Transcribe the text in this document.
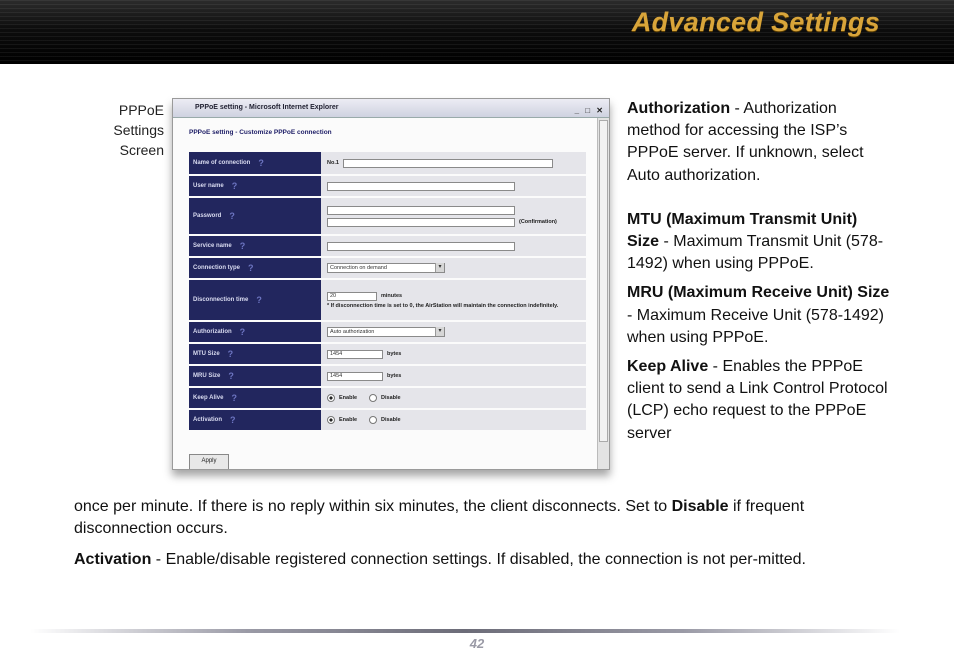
Advanced Settings
PPPoE
Settings
Screen
PPPoE setting - Microsoft Internet Explorer	_ □ ✕
PPPoE setting - Customize PPPoE connection
Name of connection ?	No.1
User name ?
Password ?
(Confirmation)
Service name ?
Connection type ?	Connection on demand ▾
Disconnection time ?	20	minutes
* If disconnection time is set to 0, the AirStation will maintain the connection indefinitely.
Authorization ?	Auto authorization ▾
MTU Size ?	1454	bytes
MRU Size ?	1454	bytes
Keep Alive ?	Enable	Disable
Activation ?	Enable	Disable
Apply

Authorization - Authorization method for accessing the ISP’s PPPoE server. If unknown, select Auto authorization.

MTU (Maximum Transmit Unit) Size - Maximum Transmit Unit (578-1492) when using PPPoE.

MRU (Maximum Receive Unit) Size - Maximum Receive Unit (578-1492) when using PPPoE.

Keep Alive - Enables the PPPoE client to send a Link Control Protocol (LCP) echo request to the PPPoE server

once per minute. If there is no reply within six minutes, the client disconnects. Set to Disable if frequent disconnection occurs.
Activation - Enable/disable registered connection settings. If disabled, the connection is not per-mitted.
42
